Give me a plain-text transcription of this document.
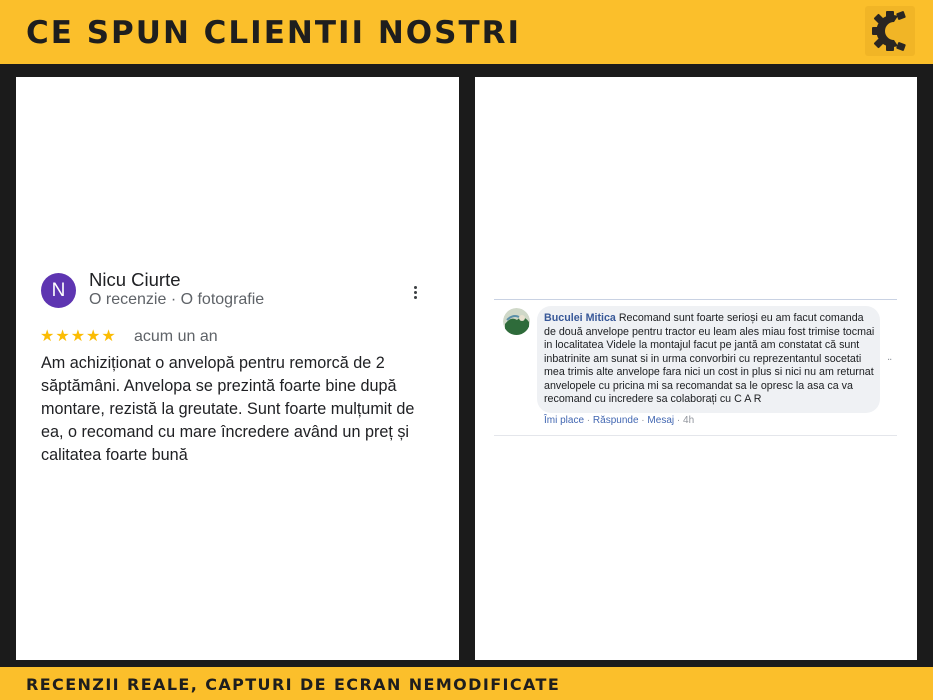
CE SPUN CLIENTII NOSTRI
N
Nicu Ciurte
O recenzie · O fotografie
★★★★★ acum un an
Am achiziționat o anvelopă pentru remorcă de 2 săptămâni. Anvelopa se prezintă foarte bine după montare, rezistă la greutate. Sunt foarte mulțumit de ea, o recomand cu mare încredere având un preț și calitatea foarte bună
Buculei Mitica Recomand sunt foarte serioși eu am facut comanda de două anvelope pentru tractor eu leam ales miau fost trimise tocmai in localitatea Videle la montajul facut pe jantă am constatat că sunt inbatrinite am sunat si in urma convorbiri cu reprezentantul socetati mea trimis alte anvelope fara nici un cost in plus si nici nu am returnat anvelopele cu pricina mi sa recomandat sa le opresc la asa ca va recomand cu incredere sa colaborați cu C A R
··
Îmi place · Răspunde · Mesaj · 4h
RECENZII REALE, CAPTURI DE ECRAN NEMODIFICATE
